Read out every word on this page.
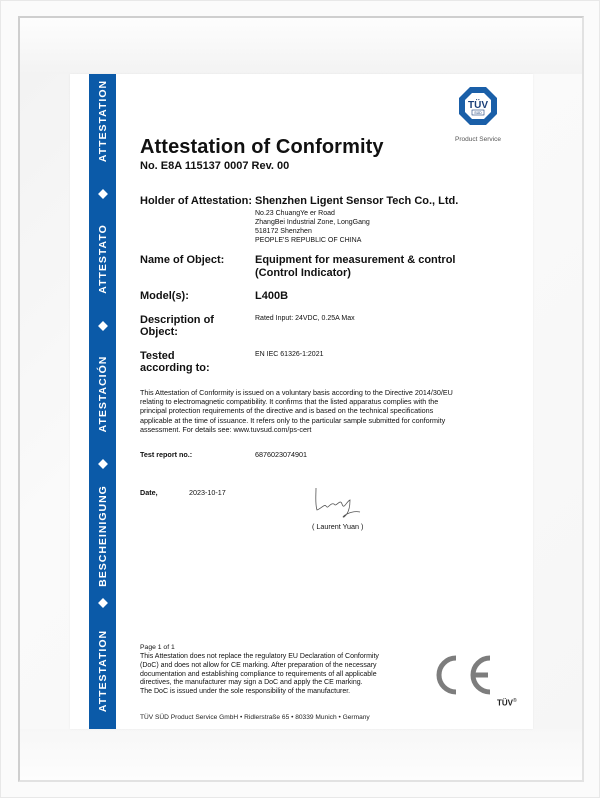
ATTESTATION
ATTESTATO
ATESTACIÓN
BESCHEINIGUNG
ATTESTATION
TÜV
SÜD
Product Service
Attestation of Conformity
No. E8A 115137 0007 Rev. 00
Holder of Attestation: Shenzhen Ligent Sensor Tech Co., Ltd.
No.23 ChuangYe er Road
ZhangBei Industrial Zone, LongGang
518172 Shenzhen
PEOPLE'S REPUBLIC OF CHINA
Name of Object:	Equipment for measurement & control
(Control Indicator)
Model(s):	L400B
Description of
Object:
Rated Input: 24VDC, 0.25A Max
Tested
according to:
EN IEC 61326-1:2021
This Attestation of Conformity is issued on a voluntary basis according to the Directive 2014/30/EU
relating to electromagnetic compatibility. It confirms that the listed apparatus complies with the
principal protection requirements of the directive and is based on the technical specifications
applicable at the time of issuance. It refers only to the particular sample submitted for conformity
assessment. For details see: www.tuvsud.com/ps-cert
Test report no.:	6876023074901
Date,	2023-10-17
( Laurent Yuan )
Page 1 of 1
This Attestation does not replace the regulatory EU Declaration of Conformity
(DoC) and does not allow for CE marking. After preparation of the necessary
documentation and establishing compliance to requirements of all applicable
directives, the manufacturer may sign a DoC and apply the CE marking.
The DoC is issued under the sole responsibility of the manufacturer.
TÜV®
TÜV SÜD Product Service GmbH • Ridlerstraße 65 • 80339 Munich • Germany
